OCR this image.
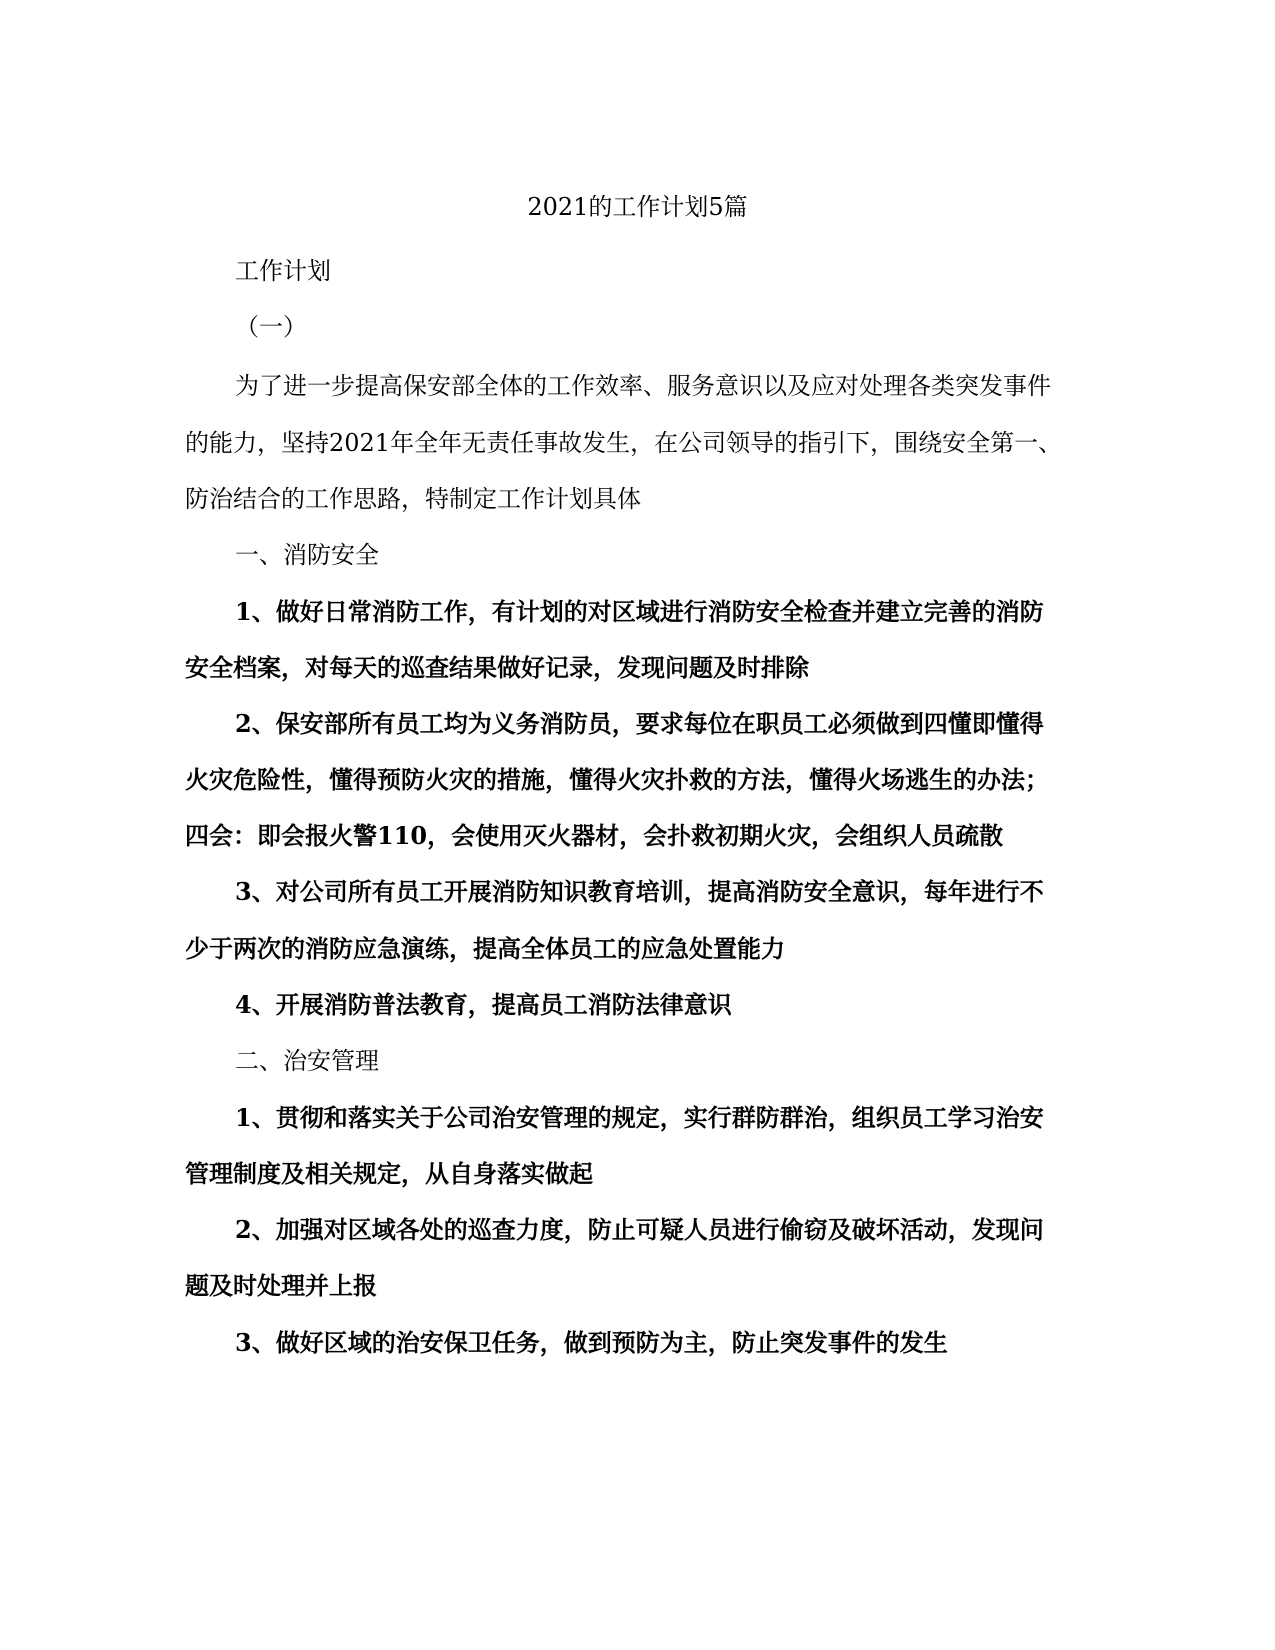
2021的工作计划5篇

工作计划

（一）

为了进一步提高保安部全体的工作效率、服务意识以及应对处理各类突发事件

的能力，坚持2021年全年无责任事故发生，在公司领导的指引下，围绕安全第一、

防治结合的工作思路，特制定工作计划具体

一、消防安全

1、做好日常消防工作，有计划的对区域进行消防安全检查并建立完善的消防

安全档案，对每天的巡查结果做好记录，发现问题及时排除

2、保安部所有员工均为义务消防员，要求每位在职员工必须做到四懂即懂得

火灾危险性，懂得预防火灾的措施，懂得火灾扑救的方法，懂得火场逃生的办法；

四会：即会报火警110，会使用灭火器材，会扑救初期火灾，会组织人员疏散

3、对公司所有员工开展消防知识教育培训，提高消防安全意识，每年进行不

少于两次的消防应急演练，提高全体员工的应急处置能力

4、开展消防普法教育，提高员工消防法律意识

二、治安管理

1、贯彻和落实关于公司治安管理的规定，实行群防群治，组织员工学习治安

管理制度及相关规定，从自身落实做起

2、加强对区域各处的巡查力度，防止可疑人员进行偷窃及破坏活动，发现问

题及时处理并上报

3、做好区域的治安保卫任务，做到预防为主，防止突发事件的发生
